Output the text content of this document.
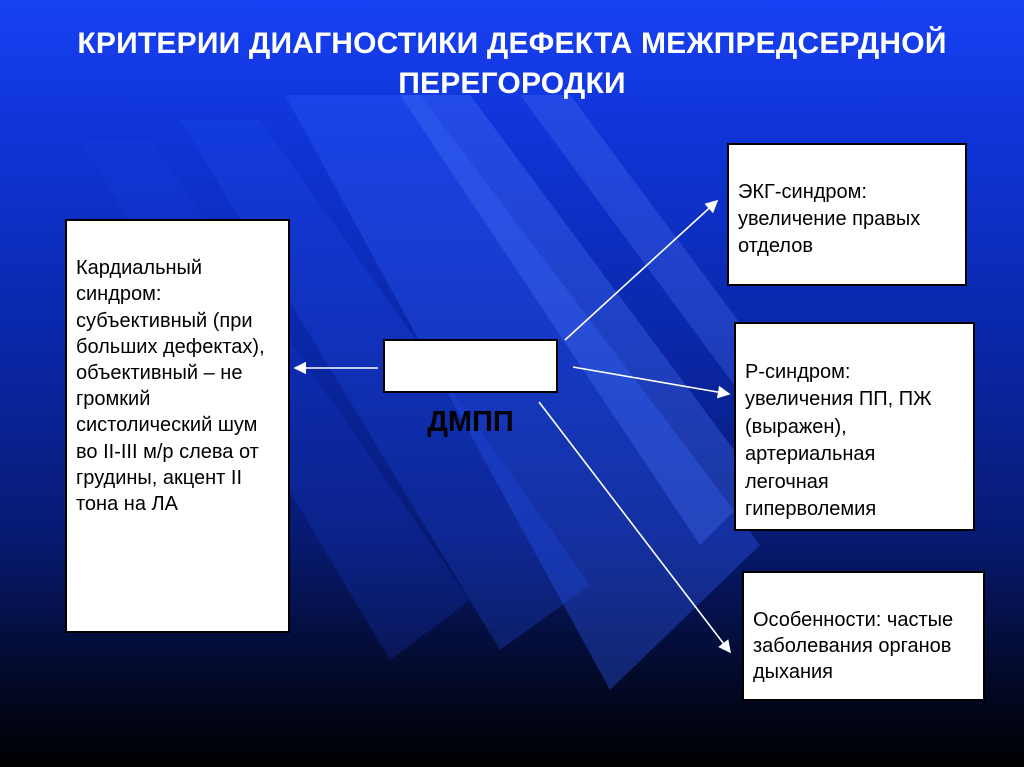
КРИТЕРИИ ДИАГНОСТИКИ ДЕФЕКТА МЕЖПРЕДСЕРДНОЙ
ПЕРЕГОРОДКИ

Кардиальный синдром: субъективный (при больших дефектах), объективный – не громкий систолический шум во II-III м/р слева от грудины, акцент II тона на ЛА

ДМПП

ЭКГ-синдром: увеличение правых отделов

Р-синдром: увеличения ПП, ПЖ (выражен), артериальная легочная гиперволемия

Особенности: частые заболевания органов дыхания
